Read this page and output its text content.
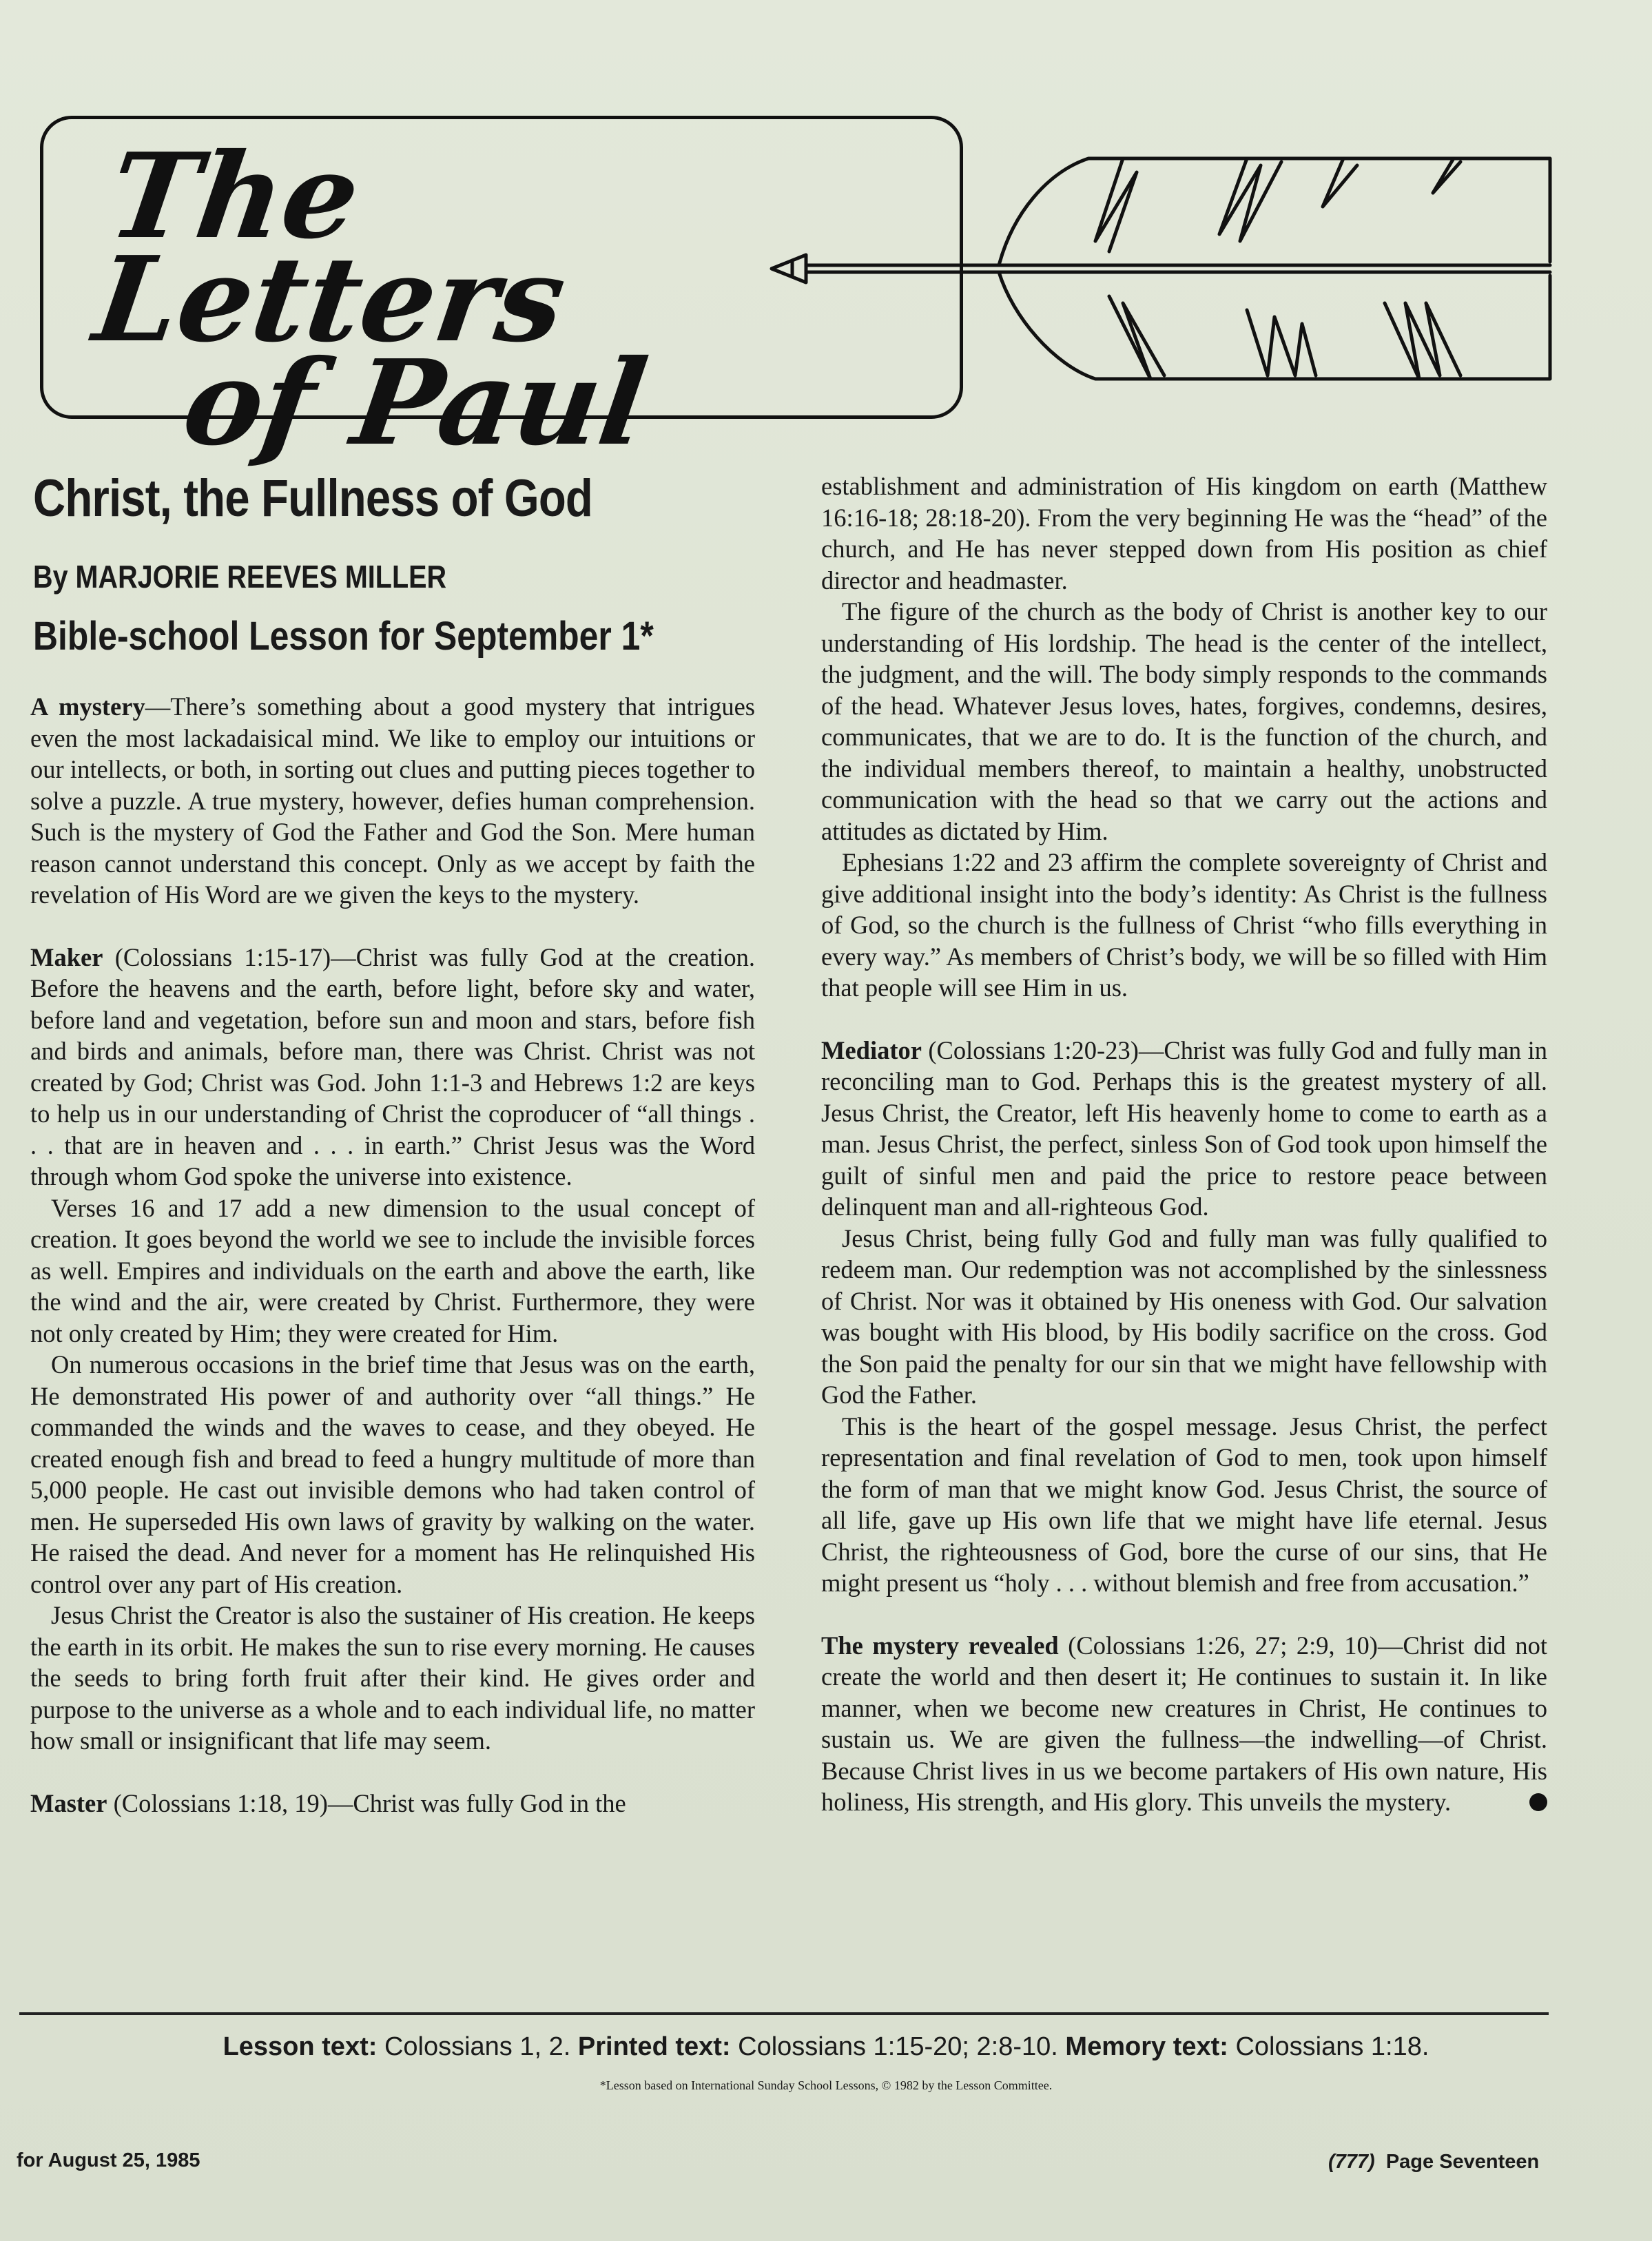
The Letters
of Paul
Christ, the Fullness of God
By MARJORIE REEVES MILLER
Bible-school Lesson for September 1*

A mystery—There’s something about a good mystery that intrigues even the most lackadaisical mind. We like to employ our intuitions or our intellects, or both, in sorting out clues and putting pieces together to solve a puzzle. A true mystery, however, defies human comprehension. Such is the mystery of God the Father and God the Son. Mere human reason cannot understand this concept. Only as we accept by faith the revelation of His Word are we given the keys to the mystery.

Maker (Colossians 1:15-17)—Christ was fully God at the creation. Before the heavens and the earth, before light, before sky and water, before land and vegetation, before sun and moon and stars, before fish and birds and animals, before man, there was Christ. Christ was not created by God; Christ was God. John 1:1-3 and Hebrews 1:2 are keys to help us in our understanding of Christ the coproducer of “all things . . . that are in heaven and . . . in earth.” Christ Jesus was the Word through whom God spoke the universe into existence.

Verses 16 and 17 add a new dimension to the usual concept of creation. It goes beyond the world we see to include the invisible forces as well. Empires and individuals on the earth and above the earth, like the wind and the air, were created by Christ. Furthermore, they were not only created by Him; they were created for Him.

On numerous occasions in the brief time that Jesus was on the earth, He demonstrated His power of and authority over “all things.” He commanded the winds and the waves to cease, and they obeyed. He created enough fish and bread to feed a hungry multitude of more than 5,000 people. He cast out invisible demons who had taken control of men. He superseded His own laws of gravity by walking on the water. He raised the dead. And never for a moment has He relinquished His control over any part of His creation.

Jesus Christ the Creator is also the sustainer of His creation. He keeps the earth in its orbit. He makes the sun to rise every morning. He causes the seeds to bring forth fruit after their kind. He gives order and purpose to the universe as a whole and to each individual life, no matter how small or insignificant that life may seem.

Master (Colossians 1:18, 19)—Christ was fully God in the

establishment and administration of His kingdom on earth (Matthew 16:16-18; 28:18-20). From the very beginning He was the “head” of the church, and He has never stepped down from His position as chief director and headmaster.

The figure of the church as the body of Christ is another key to our understanding of His lordship. The head is the center of the intellect, the judgment, and the will. The body simply responds to the commands of the head. Whatever Jesus loves, hates, forgives, condemns, desires, communicates, that we are to do. It is the function of the church, and the individual members thereof, to maintain a healthy, unobstructed communication with the head so that we carry out the actions and attitudes as dictated by Him.

Ephesians 1:22 and 23 affirm the complete sovereignty of Christ and give additional insight into the body’s identity: As Christ is the fullness of God, so the church is the fullness of Christ “who fills everything in every way.” As members of Christ’s body, we will be so filled with Him that people will see Him in us.

Mediator (Colossians 1:20-23)—Christ was fully God and fully man in reconciling man to God. Perhaps this is the greatest mystery of all. Jesus Christ, the Creator, left His heavenly home to come to earth as a man. Jesus Christ, the perfect, sinless Son of God took upon himself the guilt of sinful men and paid the price to restore peace between delinquent man and all-righteous God.

Jesus Christ, being fully God and fully man was fully qualified to redeem man. Our redemption was not accomplished by the sinlessness of Christ. Nor was it obtained by His oneness with God. Our salvation was bought with His blood, by His bodily sacrifice on the cross. God the Son paid the penalty for our sin that we might have fellowship with God the Father.

This is the heart of the gospel message. Jesus Christ, the perfect representation and final revelation of God to men, took upon himself the form of man that we might know God. Jesus Christ, the source of all life, gave up His own life that we might have life eternal. Jesus Christ, the righteousness of God, bore the curse of our sins, that He might present us “holy . . . without blemish and free from accusation.”

The mystery revealed (Colossians 1:26, 27; 2:9, 10)—Christ did not create the world and then desert it; He continues to sustain it. In like manner, when we become new creatures in Christ, He continues to sustain us. We are given the fullness—the indwelling—of Christ. Because Christ lives in us we become partakers of His own nature, His holiness, His strength, and His glory. This unveils the mystery.

Lesson text: Colossians 1, 2. Printed text: Colossians 1:15-20; 2:8-10. Memory text: Colossians 1:18.
*Lesson based on International Sunday School Lessons, © 1982 by the Lesson Committee.
for August 25, 1985	(777) Page Seventeen
